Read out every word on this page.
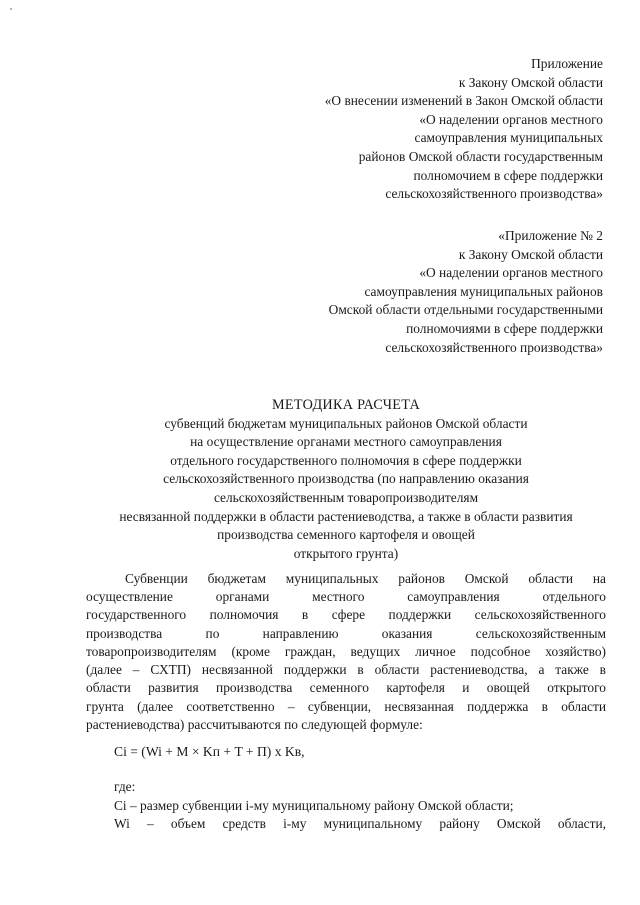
Приложение
к Закону Омской области
«О внесении изменений в Закон Омской области
«О наделении органов местного
самоуправления муниципальных
районов Омской области государственным
полномочием в сфере поддержки
сельскохозяйственного производства»
«Приложение № 2
к Закону Омской области
«О наделении органов местного
самоуправления муниципальных районов
Омской области отдельными государственными
полномочиями в сфере поддержки
сельскохозяйственного производства»
МЕТОДИКА РАСЧЕТА
субвенций бюджетам муниципальных районов Омской области
на осуществление органами местного самоуправления
отдельного государственного полномочия в сфере поддержки
сельскохозяйственного производства (по направлению оказания
сельскохозяйственным товаропроизводителям
несвязанной поддержки в области растениеводства, а также в области развития
производства семенного картофеля и овощей
открытого грунта)
Субвенции бюджетам муниципальных районов Омской области на
осуществление органами местного самоуправления отдельного
государственного полномочия в сфере поддержки сельскохозяйственного
производства по направлению оказания сельскохозяйственным
товаропроизводителям (кроме граждан, ведущих личное подсобное хозяйство)
(далее – СХТП) несвязанной поддержки в области растениеводства, а также в
области развития производства семенного картофеля и овощей открытого
грунта (далее соответственно – субвенции, несвязанная поддержка в области
растениеводства) рассчитываются по следующей формуле:
Ci = (Wi + M × Kп + T + П) x Kв,
где:
Ci – размер субвенции i-му муниципальному району Омской области;
Wi – объем средств i-му муниципальному району Омской области,
